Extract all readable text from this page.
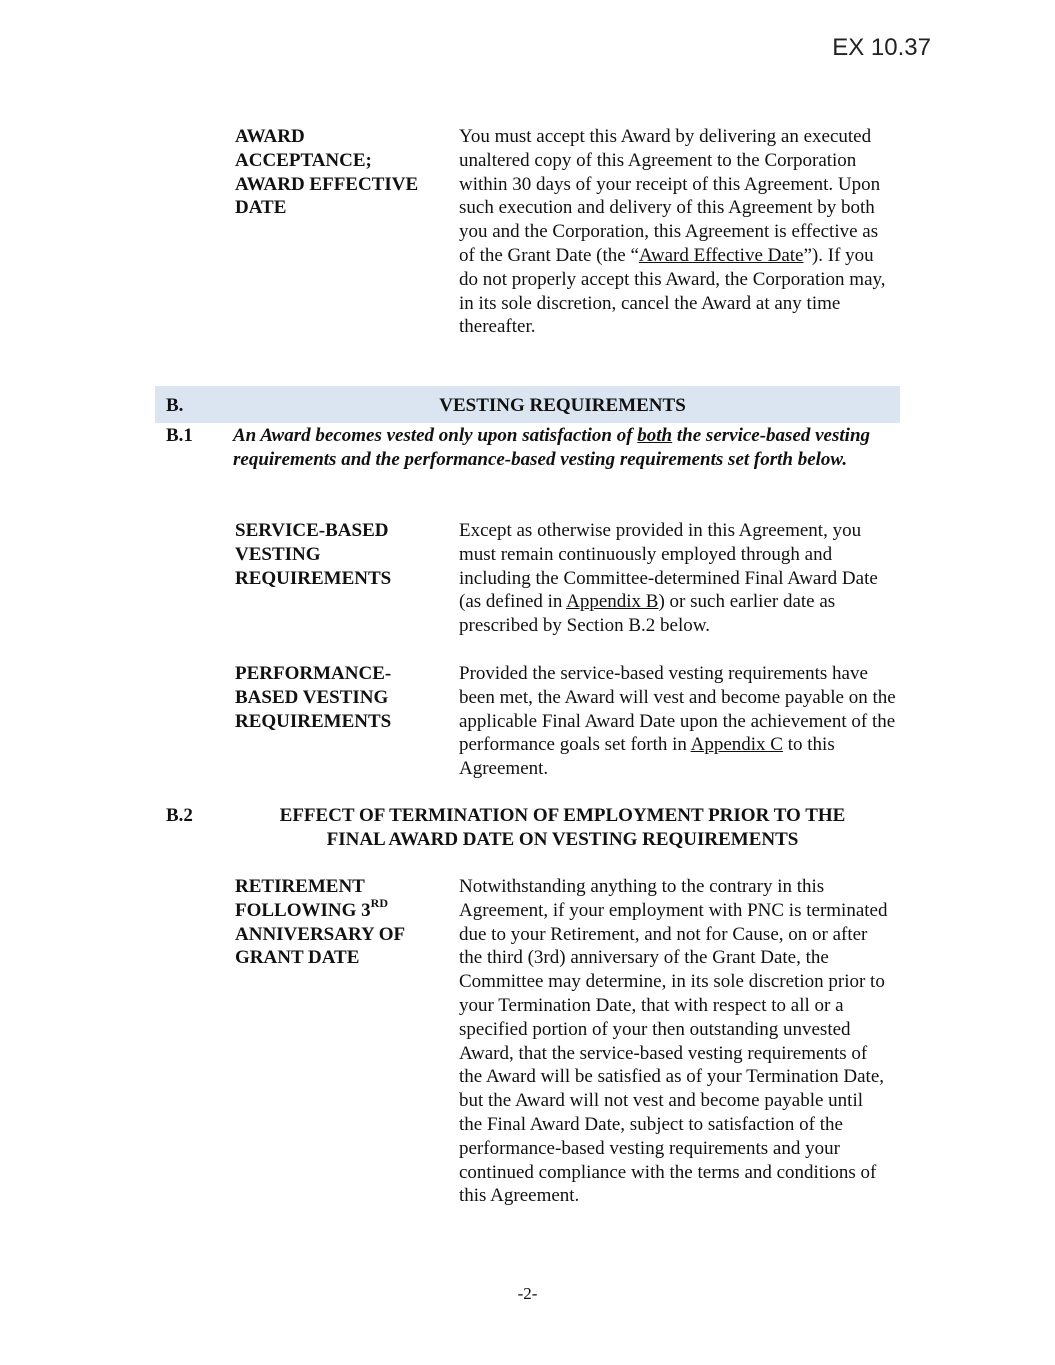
EX 10.37
AWARD
ACCEPTANCE;
AWARD EFFECTIVE
DATE
You must accept this Award by delivering an executed unaltered copy of this Agreement to the Corporation within 30 days of your receipt of this Agreement. Upon such execution and delivery of this Agreement by both you and the Corporation, this Agreement is effective as of the Grant Date (the “Award Effective Date”). If you do not properly accept this Award, the Corporation may, in its sole discretion, cancel the Award at any time thereafter.
B.	VESTING REQUIREMENTS
B.1 An Award becomes vested only upon satisfaction of both the service-based vesting requirements and the performance-based vesting requirements set forth below.
SERVICE-BASED
VESTING
REQUIREMENTS
Except as otherwise provided in this Agreement, you must remain continuously employed through and including the Committee-determined Final Award Date (as defined in Appendix B) or such earlier date as prescribed by Section B.2 below.
PERFORMANCE-
BASED VESTING
REQUIREMENTS
Provided the service-based vesting requirements have been met, the Award will vest and become payable on the applicable Final Award Date upon the achievement of the performance goals set forth in Appendix C to this Agreement.
B.2	EFFECT OF TERMINATION OF EMPLOYMENT PRIOR TO THE
FINAL AWARD DATE ON VESTING REQUIREMENTS
RETIREMENT
FOLLOWING 3RD
ANNIVERSARY OF
GRANT DATE
Notwithstanding anything to the contrary in this Agreement, if your employment with PNC is terminated due to your Retirement, and not for Cause, on or after the third (3rd) anniversary of the Grant Date, the Committee may determine, in its sole discretion prior to your Termination Date, that with respect to all or a specified portion of your then outstanding unvested Award, that the service-based vesting requirements of the Award will be satisfied as of your Termination Date, but the Award will not vest and become payable until the Final Award Date, subject to satisfaction of the performance-based vesting requirements and your continued compliance with the terms and conditions of this Agreement.
-2-
